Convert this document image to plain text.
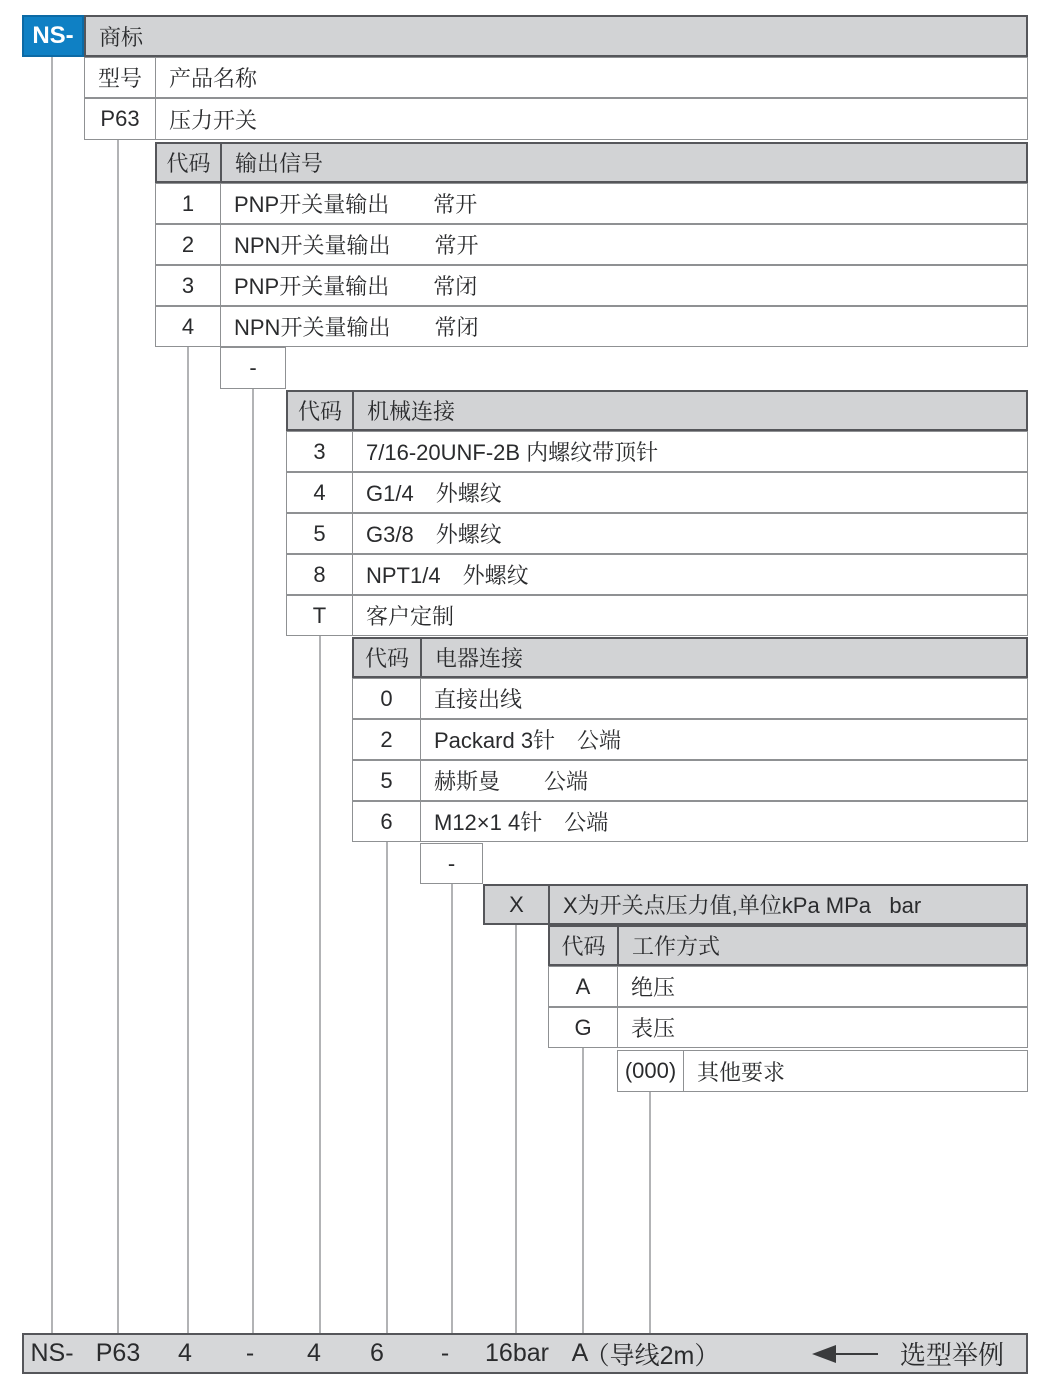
NS-	商标
型号	产品名称
P63	压力开关
代码	输出信号
1	PNP开关量输出　　常开
2	NPN开关量输出　　常开
3	PNP开关量输出　　常闭
4	NPN开关量输出　　常闭
-
代码	机械连接
3	7/16-20UNF-2B 内螺纹带顶针
4	G1/4　外螺纹
5	G3/8　外螺纹
8	NPT1/4　外螺纹
T	客户定制
代码	电器连接
0	直接出线
2	Packard 3针　公端
5	赫斯曼　　公端
6	M12×1 4针　公端
-
X	X为开关点压力值,单位kPa MPa   bar
代码	工作方式
A	绝压
G	表压
(000) 其他要求
NS- P63 4 - 4 6 - 16bar A
（导线2m）	选型举例
